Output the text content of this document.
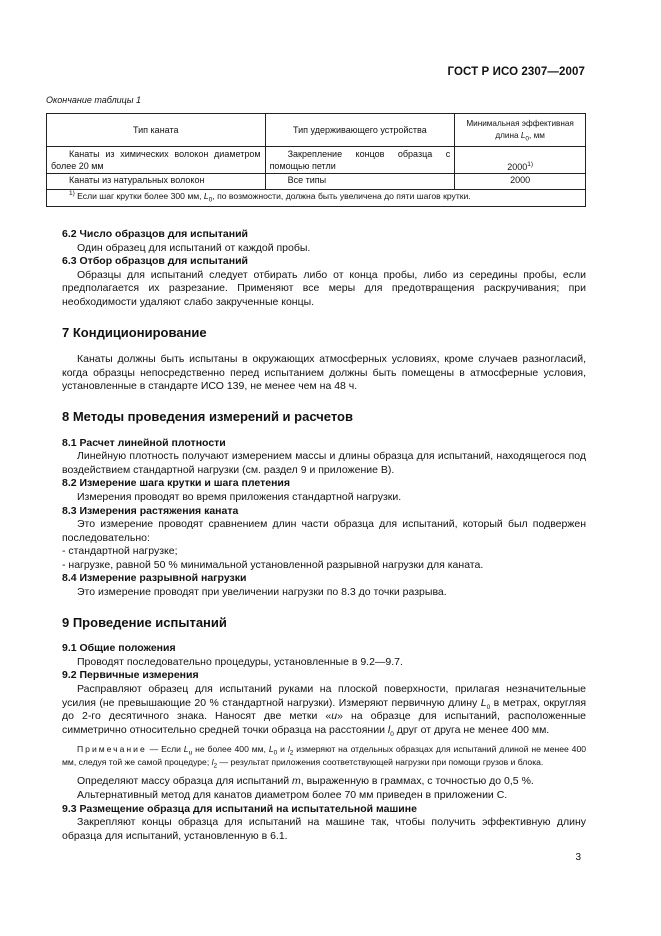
ГОСТ Р ИСО 2307—2007
Окончание таблицы 1
Тип каната	Тип удерживающего устройства	Минимальная эффективная длина $L_0$, мм
Канаты из химических волокон диаметром более 20 мм	Закрепление концов образца с помощью петли	2000$^{1)}$
Канаты из натуральных волокон	Все типы	2000
$^{1)}$ Если шаг крутки более 300 мм, $L_0$, по возможности, должна быть увеличена до пяти шагов крутки.		
6.2 Число образцов для испытаний

Один образец для испытаний от каждой пробы.

6.3 Отбор образцов для испытаний

Образцы для испытаний следует отбирать либо от конца пробы, либо из середины пробы, если предполагается их разрезание. Применяют все меры для предотвращения раскручивания; при необходимости удаляют слабо закрученные концы.

7 Кондиционирование

Канаты должны быть испытаны в окружающих атмосферных условиях, кроме случаев разногласий, когда образцы непосредственно перед испытанием должны быть помещены в атмосферные условия, установленные в стандарте ИСО 139, не менее чем на 48 ч.

8 Методы проведения измерений и расчетов
8.1 Расчет линейной плотности

Линейную плотность получают измерением массы и длины образца для испытаний, находящегося под воздействием стандартной нагрузки (см. раздел 9 и приложение В).

8.2 Измерение шага крутки и шага плетения

Измерения проводят во время приложения стандартной нагрузки.

8.3 Измерения растяжения каната

Это измерение проводят сравнением длин части образца для испытаний, который был подвержен последовательно:

- стандартной нагрузке;

- нагрузке, равной 50 % минимальной установленной разрывной нагрузки для каната.

8.4 Измерение разрывной нагрузки

Это измерение проводят при увеличении нагрузки по 8.3 до точки разрыва.

9 Проведение испытаний
9.1 Общие положения

Проводят последовательно процедуры, установленные в 9.2—9.7.

9.2 Первичные измерения

Расправляют образец для испытаний руками на плоской поверхности, прилагая незначительные усилия (не превышающие 20 % стандартной нагрузки). Измеряют первичную длину $L_0$ в метрах, округляя до 2-го десятичного знака. Наносят две метки «и» на образце для испытаний, расположенные симметрично относительно средней точки образца на расстоянии $l_0$ друг от друга не менее 400 мм.

Примечание — Если $L_u$ не более 400 мм, $L_0$ и $l_2$ измеряют на отдельных образцах для испытаний длиной не менее 400 мм, следуя той же самой процедуре; $l_2$ — результат приложения соответствующей нагрузки при помощи грузов и блока.

Определяют массу образца для испытаний m, выраженную в граммах, с точностью до 0,5 %.

Альтернативный метод для канатов диаметром более 70 мм приведен в приложении С.

9.3 Размещение образца для испытаний на испытательной машине

Закрепляют концы образца для испытаний на машине так, чтобы получить эффективную длину образца для испытаний, установленную в 6.1.

3
